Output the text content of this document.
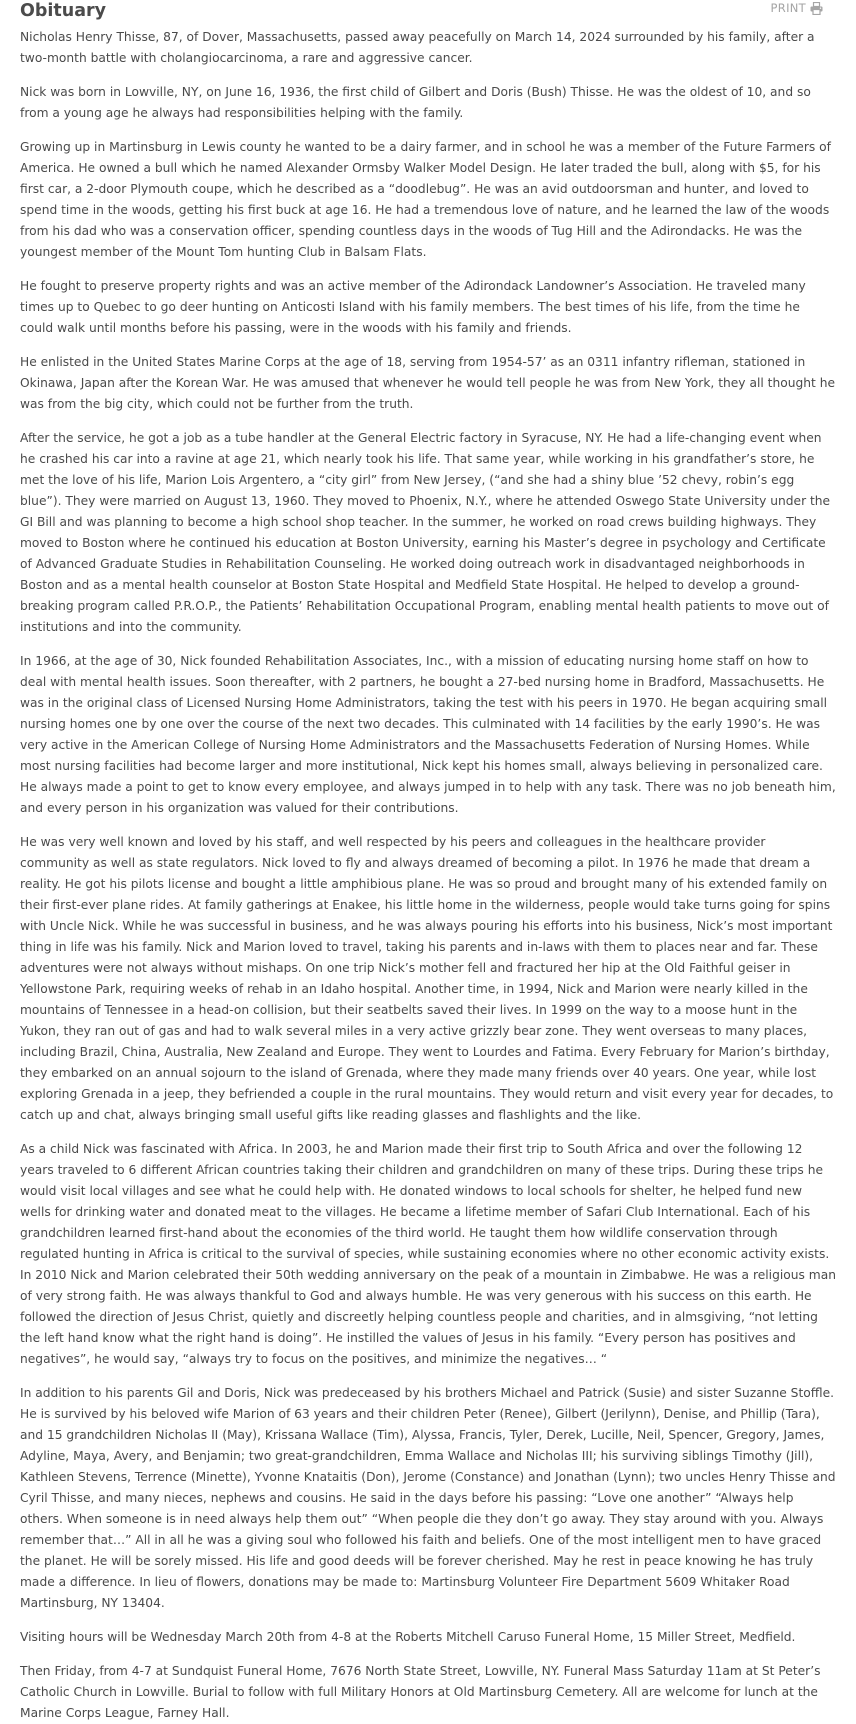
Obituary	PRINT

Nicholas Henry Thisse, 87, of Dover, Massachusetts, passed away peacefully on March 14, 2024 surrounded by his family, after a two-month battle with cholangiocarcinoma, a rare and aggressive cancer.

Nick was born in Lowville, NY, on June 16, 1936, the first child of Gilbert and Doris (Bush) Thisse. He was the oldest of 10, and so from a young age he always had responsibilities helping with the family.

Growing up in Martinsburg in Lewis county he wanted to be a dairy farmer, and in school he was a member of the Future Farmers of America. He owned a bull which he named Alexander Ormsby Walker Model Design. He later traded the bull, along with $5, for his first car, a 2-door Plymouth coupe, which he described as a “doodlebug”. He was an avid outdoorsman and hunter, and loved to spend time in the woods, getting his first buck at age 16. He had a tremendous love of nature, and he learned the law of the woods from his dad who was a conservation officer, spending countless days in the woods of Tug Hill and the Adirondacks. He was the youngest member of the Mount Tom hunting Club in Balsam Flats.

He fought to preserve property rights and was an active member of the Adirondack Landowner’s Association. He traveled many times up to Quebec to go deer hunting on Anticosti Island with his family members. The best times of his life, from the time he could walk until months before his passing, were in the woods with his family and friends.

He enlisted in the United States Marine Corps at the age of 18, serving from 1954-57’ as an 0311 infantry rifleman, stationed in Okinawa, Japan after the Korean War. He was amused that whenever he would tell people he was from New York, they all thought he was from the big city, which could not be further from the truth.

After the service, he got a job as a tube handler at the General Electric factory in Syracuse, NY. He had a life-changing event when he crashed his car into a ravine at age 21, which nearly took his life. That same year, while working in his grandfather’s store, he met the love of his life, Marion Lois Argentero, a “city girl” from New Jersey, (“and she had a shiny blue ’52 chevy, robin’s egg blue”). They were married on August 13, 1960. They moved to Phoenix, N.Y., where he attended Oswego State University under the GI Bill and was planning to become a high school shop teacher. In the summer, he worked on road crews building highways. They moved to Boston where he continued his education at Boston University, earning his Master’s degree in psychology and Certificate of Advanced Graduate Studies in Rehabilitation Counseling. He worked doing outreach work in disadvantaged neighborhoods in Boston and as a mental health counselor at Boston State Hospital and Medfield State Hospital. He helped to develop a ground-breaking program called P.R.O.P., the Patients’ Rehabilitation Occupational Program, enabling mental health patients to move out of institutions and into the community.

In 1966, at the age of 30, Nick founded Rehabilitation Associates, Inc., with a mission of educating nursing home staff on how to deal with mental health issues. Soon thereafter, with 2 partners, he bought a 27-bed nursing home in Bradford, Massachusetts. He was in the original class of Licensed Nursing Home Administrators, taking the test with his peers in 1970. He began acquiring small nursing homes one by one over the course of the next two decades. This culminated with 14 facilities by the early 1990’s. He was very active in the American College of Nursing Home Administrators and the Massachusetts Federation of Nursing Homes. While most nursing facilities had become larger and more institutional, Nick kept his homes small, always believing in personalized care. He always made a point to get to know every employee, and always jumped in to help with any task. There was no job beneath him, and every person in his organization was valued for their contributions.

He was very well known and loved by his staff, and well respected by his peers and colleagues in the healthcare provider community as well as state regulators. Nick loved to fly and always dreamed of becoming a pilot. In 1976 he made that dream a reality. He got his pilots license and bought a little amphibious plane. He was so proud and brought many of his extended family on their first-ever plane rides. At family gatherings at Enakee, his little home in the wilderness, people would take turns going for spins with Uncle Nick. While he was successful in business, and he was always pouring his efforts into his business, Nick’s most important thing in life was his family. Nick and Marion loved to travel, taking his parents and in-laws with them to places near and far. These adventures were not always without mishaps. On one trip Nick’s mother fell and fractured her hip at the Old Faithful geiser in Yellowstone Park, requiring weeks of rehab in an Idaho hospital. Another time, in 1994, Nick and Marion were nearly killed in the mountains of Tennessee in a head-on collision, but their seatbelts saved their lives. In 1999 on the way to a moose hunt in the Yukon, they ran out of gas and had to walk several miles in a very active grizzly bear zone. They went overseas to many places, including Brazil, China, Australia, New Zealand and Europe. They went to Lourdes and Fatima. Every February for Marion’s birthday, they embarked on an annual sojourn to the island of Grenada, where they made many friends over 40 years. One year, while lost exploring Grenada in a jeep, they befriended a couple in the rural mountains. They would return and visit every year for decades, to catch up and chat, always bringing small useful gifts like reading glasses and flashlights and the like.

As a child Nick was fascinated with Africa. In 2003, he and Marion made their first trip to South Africa and over the following 12 years traveled to 6 different African countries taking their children and grandchildren on many of these trips. During these trips he would visit local villages and see what he could help with. He donated windows to local schools for shelter, he helped fund new wells for drinking water and donated meat to the villages. He became a lifetime member of Safari Club International. Each of his grandchildren learned first-hand about the economies of the third world. He taught them how wildlife conservation through regulated hunting in Africa is critical to the survival of species, while sustaining economies where no other economic activity exists. In 2010 Nick and Marion celebrated their 50th wedding anniversary on the peak of a mountain in Zimbabwe. He was a religious man of very strong faith. He was always thankful to God and always humble. He was very generous with his success on this earth. He followed the direction of Jesus Christ, quietly and discreetly helping countless people and charities, and in almsgiving, “not letting the left hand know what the right hand is doing”. He instilled the values of Jesus in his family. “Every person has positives and negatives”, he would say, “always try to focus on the positives, and minimize the negatives… “

In addition to his parents Gil and Doris, Nick was predeceased by his brothers Michael and Patrick (Susie) and sister Suzanne Stoffle. He is survived by his beloved wife Marion of 63 years and their children Peter (Renee), Gilbert (Jerilynn), Denise, and Phillip (Tara), and 15 grandchildren Nicholas II (May), Krissana Wallace (Tim), Alyssa, Francis, Tyler, Derek, Lucille, Neil, Spencer, Gregory, James, Adyline, Maya, Avery, and Benjamin; two great-grandchildren, Emma Wallace and Nicholas III; his surviving siblings Timothy (Jill), Kathleen Stevens, Terrence (Minette), Yvonne Knataitis (Don), Jerome (Constance) and Jonathan (Lynn); two uncles Henry Thisse and Cyril Thisse, and many nieces, nephews and cousins. He said in the days before his passing: “Love one another” “Always help others. When someone is in need always help them out” “When people die they don’t go away. They stay around with you. Always remember that…” All in all he was a giving soul who followed his faith and beliefs. One of the most intelligent men to have graced the planet. He will be sorely missed. His life and good deeds will be forever cherished. May he rest in peace knowing he has truly made a difference. In lieu of flowers, donations may be made to: Martinsburg Volunteer Fire Department 5609 Whitaker Road Martinsburg, NY 13404.

Visiting hours will be Wednesday March 20th from 4-8 at the Roberts Mitchell Caruso Funeral Home, 15 Miller Street, Medfield.

Then Friday, from 4-7 at Sundquist Funeral Home, 7676 North State Street, Lowville, NY. Funeral Mass Saturday 11am at St Peter’s Catholic Church in Lowville. Burial to follow with full Military Honors at Old Martinsburg Cemetery. All are welcome for lunch at the Marine Corps League, Farney Hall.
